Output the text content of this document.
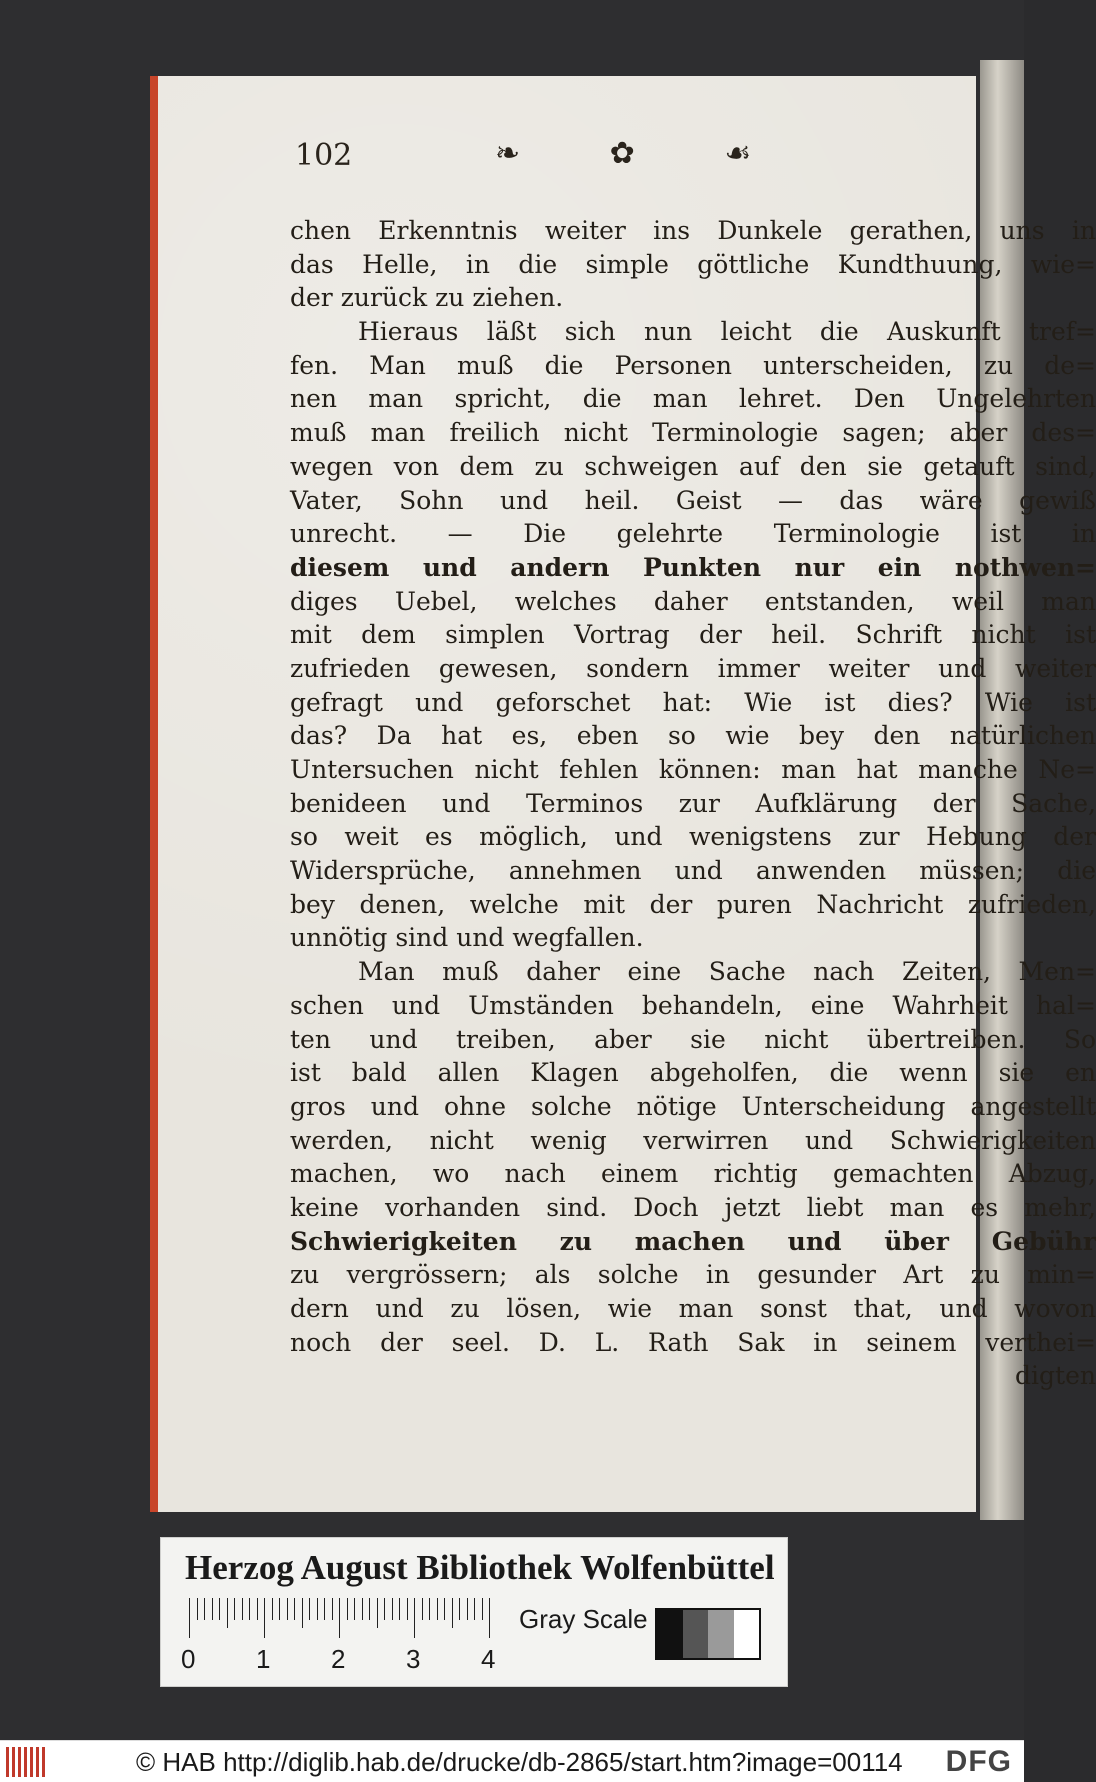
102	❧ ✿ ☙
chen Erkenntnis weiter ins Dunkele gerathen, uns in
das Helle, in die simple göttliche Kundthuung, wie=
der zurück zu ziehen.
Hieraus läßt sich nun leicht die Auskunft tref=
fen. Man muß die Personen unterscheiden, zu de=
nen man spricht, die man lehret. Den Ungelehrten
muß man freilich nicht Terminologie sagen; aber des=
wegen von dem zu schweigen auf den sie getauft sind,
Vater, Sohn und heil. Geist — das wäre gewiß
unrecht. — Die gelehrte Terminologie ist in
diesem und andern Punkten nur ein nothwen=
diges Uebel, welches daher entstanden, weil man
mit dem simplen Vortrag der heil. Schrift nicht ist
zufrieden gewesen, sondern immer weiter und weiter
gefragt und geforschet hat: Wie ist dies? Wie ist
das? Da hat es, eben so wie bey den natürlichen
Untersuchen nicht fehlen können: man hat manche Ne=
benideen und Terminos zur Aufklärung der Sache,
so weit es möglich, und wenigstens zur Hebung der
Widersprüche, annehmen und anwenden müssen; die
bey denen, welche mit der puren Nachricht zufrieden,
unnötig sind und wegfallen.
Man muß daher eine Sache nach Zeiten, Men=
schen und Umständen behandeln, eine Wahrheit hal=
ten und treiben, aber sie nicht übertreiben. So
ist bald allen Klagen abgeholfen, die wenn sie en
gros und ohne solche nötige Unterscheidung angestellt
werden, nicht wenig verwirren und Schwierigkeiten
machen, wo nach einem richtig gemachten Abzug,
keine vorhanden sind. Doch jetzt liebt man es mehr,
Schwierigkeiten zu machen und über Gebühr
zu vergrössern; als solche in gesunder Art zu min=
dern und zu lösen, wie man sonst that, und wovon
noch der seel. D. L. Rath Sak in seinem verthei=
digten
Herzog August Bibliothek Wolfenbüttel
0 1 2 3 4
Gray Scale
© HAB http://diglib.hab.de/drucke/db-2865/start.htm?image=00114 DFG
